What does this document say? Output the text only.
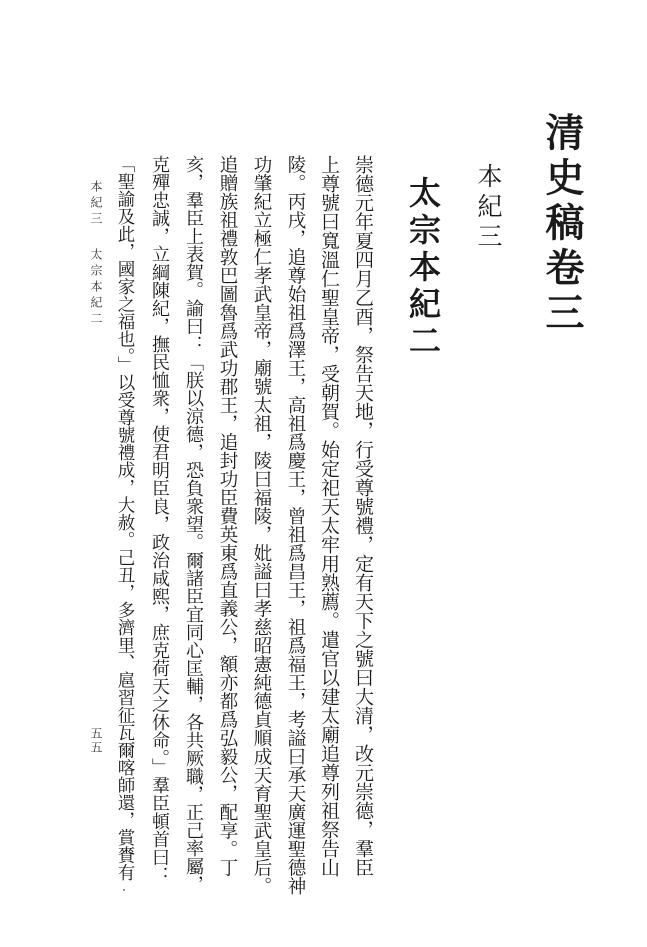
清史稿卷三
本紀三
太宗本紀二

崇德元年夏四月乙酉，祭告天地，行受尊號禮，定有天下之號曰大清，改元崇德，羣臣

上尊號曰寬溫仁聖皇帝，受朝賀。始定祀天太牢用熟薦。遣官以建太廟追尊列祖祭告山

陵。丙戌，追尊始祖爲澤王，高祖爲慶王，曾祖爲昌王，祖爲福王，考謚曰承天廣運聖德神

功肇紀立極仁孝武皇帝，廟號太祖，陵曰福陵，妣謚曰孝慈昭憲純德貞順成天育聖武皇后。

追贈族祖禮敦巴圖魯爲武功郡王，追封功臣費英東爲直義公，額亦都爲弘毅公，配享。丁

亥，羣臣上表賀。諭曰：「朕以涼德，恐負衆望。爾諸臣宜同心匡輔，各共厥職，正己率屬，

克殫忠誠，立綱陳紀，撫民恤衆，使君明臣良，政治咸熙，庶克荷天之休命。」羣臣頓首曰：

「聖諭及此，國家之福也。」以受尊號禮成，大赦。己丑，多濟里、扈習征瓦爾喀師還，賞賚有

本紀三太宗本紀二
五五
